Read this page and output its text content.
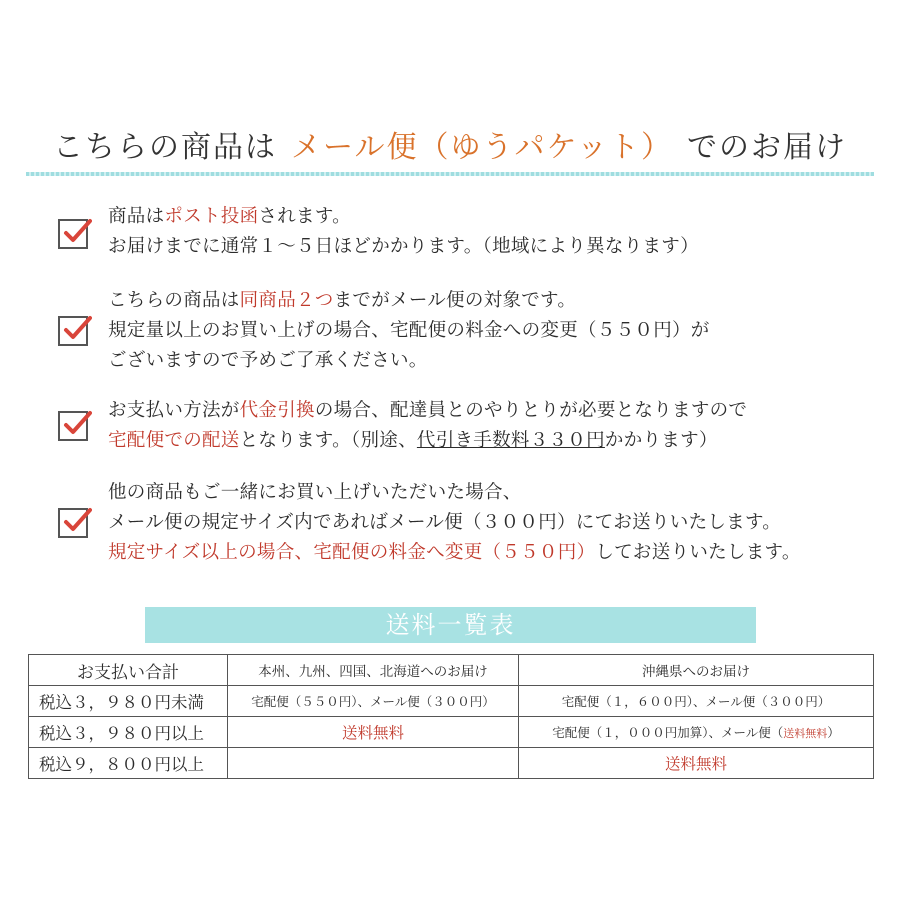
こちらの商品は メール便（ゆうパケット） でのお届け
商品はポスト投函されます。
お届けまでに通常１～５日ほどかかります。（地域により異なります）
こちらの商品は同商品２つまでがメール便の対象です。
規定量以上のお買い上げの場合、宅配便の料金への変更（５５０円）が
ございますので予めご了承ください。
お支払い方法が代金引換の場合、配達員とのやりとりが必要となりますので
宅配便での配送となります。（別途、代引き手数料３３０円かかります）
他の商品もご一緒にお買い上げいただいた場合、
メール便の規定サイズ内であればメール便（３００円）にてお送りいたします。
規定サイズ以上の場合、宅配便の料金へ変更（５５０円）してお送りいたします。
送料一覧表
お支払い合計	本州、九州、四国、北海道へのお届け	沖縄県へのお届け
税込３，９８０円未満	宅配便（５５０円）、メール便（３００円）	宅配便（１，６００円）、メール便（３００円）
税込３，９８０円以上	送料無料	宅配便（１，０００円加算）、メール便（送料無料）
税込９，８００円以上		送料無料
